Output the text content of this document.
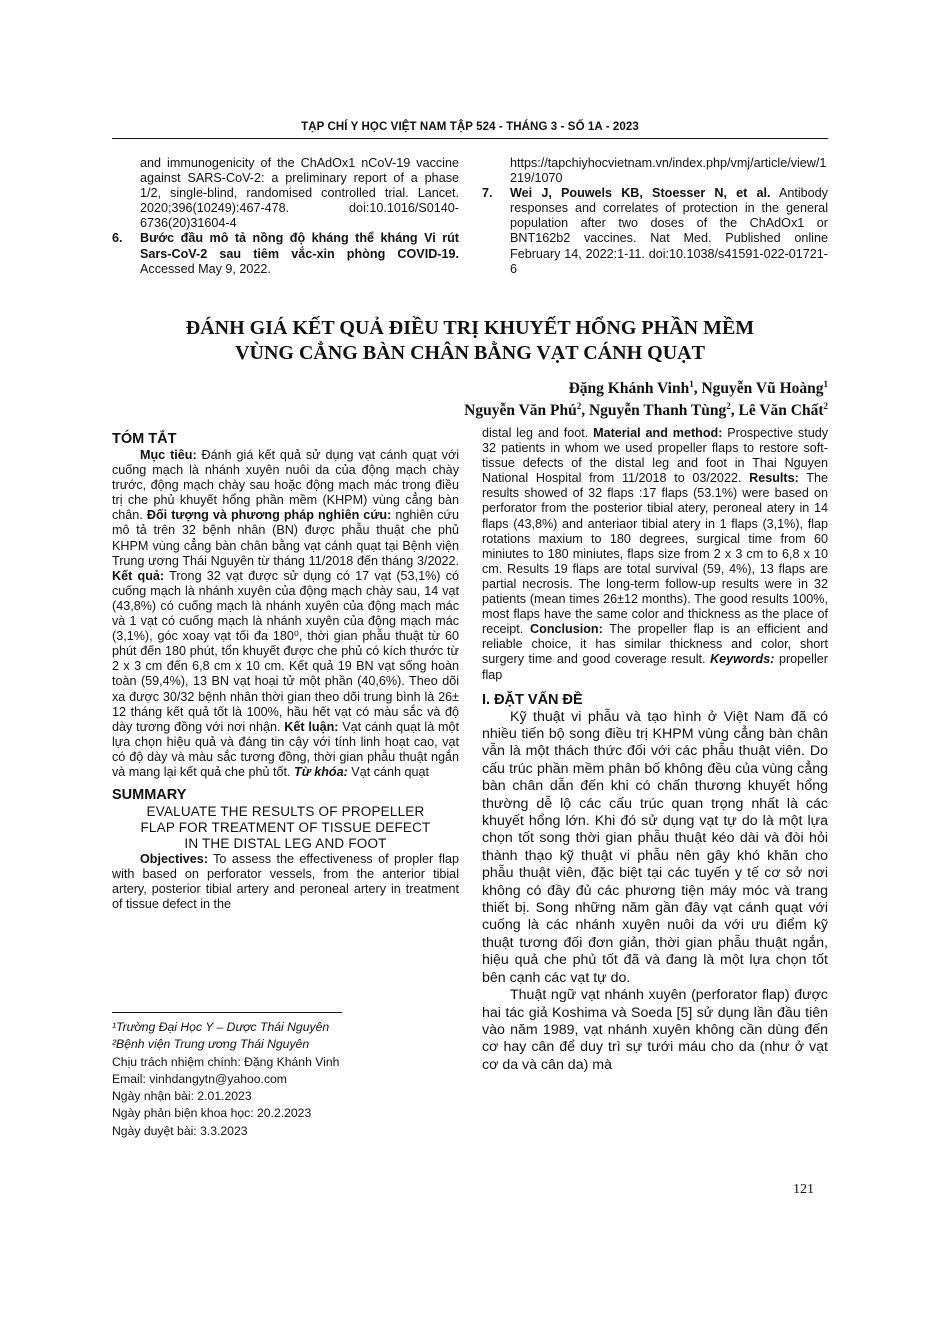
TẠP CHÍ Y HỌC VIỆT NAM TẬP 524 - THÁNG 3 - SỐ 1A - 2023
and immunogenicity of the ChAdOx1 nCoV-19 vaccine against SARS-CoV-2: a preliminary report of a phase 1/2, single-blind, randomised controlled trial. Lancet. 2020;396(10249):467-478. doi:10.1016/S0140-6736(20)31604-4
6.	Bước đầu mô tả nồng độ kháng thể kháng Vi rút Sars-CoV-2 sau tiêm vắc-xin phòng COVID-19. Accessed May 9, 2022.
https://tapchiyhocvietnam.vn/index.php/vmj/article/view/1219/1070
7.	Wei J, Pouwels KB, Stoesser N, et al. Antibody responses and correlates of protection in the general population after two doses of the ChAdOx1 or BNT162b2 vaccines. Nat Med. Published online February 14, 2022:1-11. doi:10.1038/s41591-022-01721-6
ĐÁNH GIÁ KẾT QUẢ ĐIỀU TRỊ KHUYẾT HỔNG PHẦN MỀM
VÙNG CẲNG BÀN CHÂN BẰNG VẠT CÁNH QUẠT
Đặng Khánh Vinh$^1$, Nguyễn Vũ Hoàng$^1$
Nguyễn Văn Phú$^2$, Nguyễn Thanh Tùng$^2$, Lê Văn Chất$^2$

TÓM TẮT

Mục tiêu: Đánh giá kết quả sử dụng vạt cánh quạt với cuống mạch là nhánh xuyên nuôi da của động mạch chày trước, động mạch chày sau hoặc động mạch mác trong điều trị che phủ khuyết hổng phần mềm (KHPM) vùng cẳng bàn chân. Đối tượng và phương pháp nghiên cứu: nghiên cứu mô tả trên 32 bệnh nhân (BN) được phẫu thuật che phủ KHPM vùng cẳng bàn chân bằng vạt cánh quạt tại Bệnh viện Trung ương Thái Nguyên từ tháng 11/2018 đến tháng 3/2022. Kết quả: Trong 32 vạt được sử dụng có 17 vạt (53,1%) có cuống mạch là nhánh xuyên của động mạch chày sau, 14 vạt (43,8%) có cuống mạch là nhánh xuyên của động mạch mác và 1 vạt có cuống mạch là nhánh xuyên của động mạch mác (3,1%), góc xoay vạt tối đa 180⁰, thời gian phẫu thuật từ 60 phút đến 180 phút, tổn khuyết được che phủ có kích thước từ 2 x 3 cm đến 6,8 cm x 10 cm. Kết quả 19 BN vạt sống hoàn toàn (59,4%), 13 BN vạt hoại tử một phần (40,6%). Theo dõi xa được 30/32 bệnh nhân thời gian theo dõi trung bình là 26± 12 tháng kết quả tốt là 100%, hầu hết vạt có màu sắc và độ dày tương đồng với nơi nhận. Kết luận: Vạt cánh quạt là một lựa chọn hiệu quả và đáng tin cậy với tính linh hoạt cao, vạt có độ dày và màu sắc tương đồng, thời gian phẫu thuật ngắn và mang lại kết quả che phủ tốt. Từ khóa: Vạt cánh quạt

SUMMARY

EVALUATE THE RESULTS OF PROPELLER

FLAP FOR TREATMENT OF TISSUE DEFECT

IN THE DISTAL LEG AND FOOT

Objectives: To assess the effectiveness of propler flap with based on perforator vessels, from the anterior tibial artery, posterior tibial artery and peroneal artery in treatment of tissue defect in the

¹Trường Đại Học Y – Dược Thái Nguyên
²Bệnh viện Trung ương Thái Nguyên
Chịu trách nhiệm chính: Đặng Khánh Vinh
Email: vinhdangytn@yahoo.com
Ngày nhận bài: 2.01.2023
Ngày phản biện khoa học: 20.2.2023
Ngày duyệt bài: 3.3.2023

distal leg and foot. Material and method: Prospective study 32 patients in whom we used propeller flaps to restore soft-tissue defects of the distal leg and foot in Thai Nguyen National Hospital from 11/2018 to 03/2022. Results: The results showed of 32 flaps :17 flaps (53.1%) were based on perforator from the posterior tibial atery, peroneal atery in 14 flaps (43,8%) and anteriaor tibial atery in 1 flaps (3,1%), flap rotations maxium to 180 degrees, surgical time from 60 miniutes to 180 miniutes, flaps size from 2 x 3 cm to 6,8 x 10 cm. Results 19 flaps are total survival (59, 4%), 13 flaps are partial necrosis. The long-term follow-up results were in 32 patients (mean times 26±12 months). The good results 100%, most flaps have the same color and thickness as the place of receipt. Conclusion: The propeller flap is an efficient and reliable choice, it has similar thickness and color, short surgery time and good coverage result. Keywords: propeller flap

I. ĐẶT VẤN ĐỀ

Kỹ thuật vi phẫu và tạo hình ở Việt Nam đã có nhiều tiến bộ song điều trị KHPM vùng cẳng bàn chân vẫn là một thách thức đối với các phẫu thuật viên. Do cấu trúc phần mềm phân bố không đều của vùng cẳng bàn chân dẫn đến khi có chấn thương khuyết hổng thường dễ lộ các cấu trúc quan trọng nhất là các khuyết hổng lớn. Khi đó sử dụng vạt tự do là một lựa chọn tốt song thời gian phẫu thuật kéo dài và đòi hỏi thành thạo kỹ thuật vi phẫu nên gây khó khăn cho phẫu thuật viên, đặc biệt tại các tuyến y tế cơ sở nơi không có đầy đủ các phương tiện máy móc và trang thiết bị. Song những năm gần đây vạt cánh quạt với cuống là các nhánh xuyên nuôi da với ưu điểm kỹ thuật tương đối đơn giản, thời gian phẫu thuật ngắn, hiệu quả che phủ tốt đã và đang là một lựa chọn tốt bên cạnh các vạt tự do.

Thuật ngữ vạt nhánh xuyên (perforator flap) được hai tác giả Koshima và Soeda [5] sử dụng lần đầu tiên vào năm 1989, vạt nhánh xuyên không cần dùng đến cơ hay cân để duy trì sự tưới máu cho da (như ở vạt cơ da và cân da) mà

121
